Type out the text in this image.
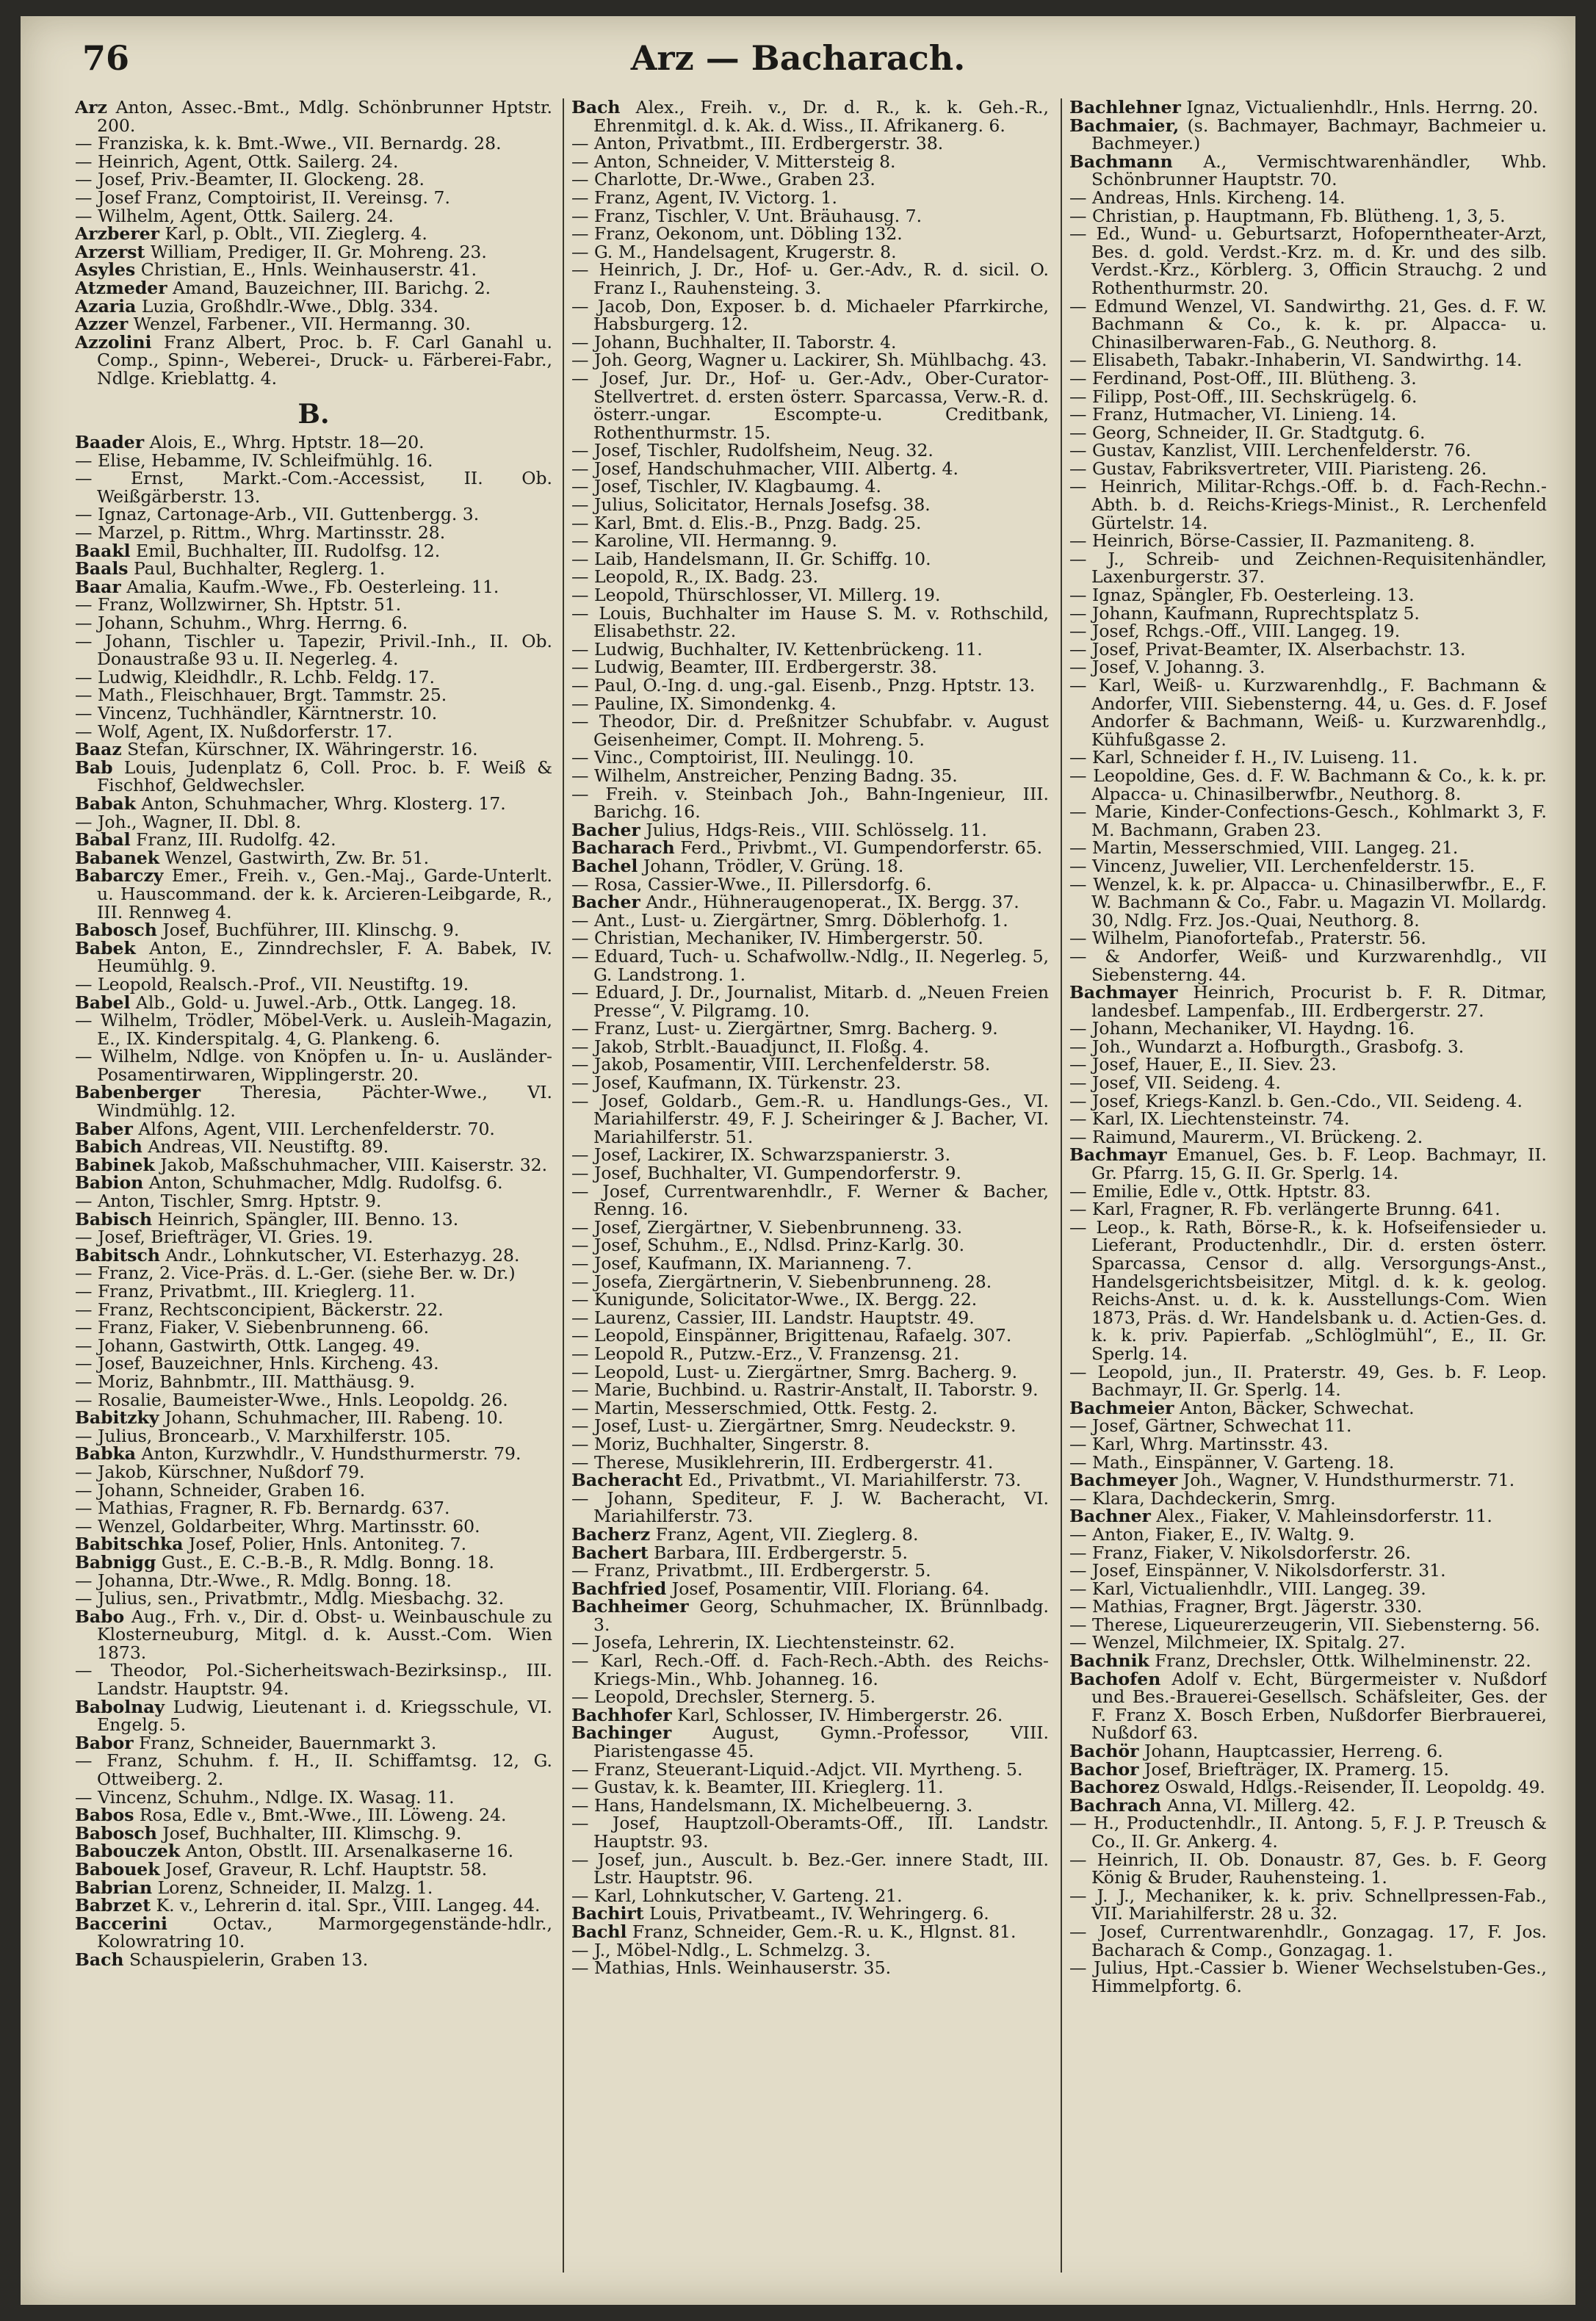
76	Arz — Bacharach.

Arz Anton, Assec.-Bmt., Mdlg. Schönbrunner Hptstr. 200.

— Franziska, k. k. Bmt.-Wwe., VII. Bernardg. 28.

— Heinrich, Agent, Ottk. Sailerg. 24.

— Josef, Priv.-Beamter, II. Glockeng. 28.

— Josef Franz, Comptoirist, II. Vereinsg. 7.

— Wilhelm, Agent, Ottk. Sailerg. 24.

Arzberer Karl, p. Oblt., VII. Zieglerg. 4.

Arzerst William, Prediger, II. Gr. Mohreng. 23.

Asyles Christian, E., Hnls. Weinhauserstr. 41.

Atzmeder Amand, Bauzeichner, III. Barichg. 2.

Azaria Luzia, Großhdlr.-Wwe., Dblg. 334.

Azzer Wenzel, Farbener., VII. Hermanng. 30.

Azzolini Franz Albert, Proc. b. F. Carl Ganahl u. Comp., Spinn-, Weberei-, Druck- u. Färberei-Fabr., Ndlge. Krieblattg. 4.

B.

Baader Alois, E., Whrg. Hptstr. 18—20.

— Elise, Hebamme, IV. Schleifmühlg. 16.

— Ernst, Markt.-Com.-Accessist, II. Ob. Weißgärberstr. 13.

— Ignaz, Cartonage-Arb., VII. Guttenbergg. 3.

— Marzel, p. Rittm., Whrg. Martinsstr. 28.

Baakl Emil, Buchhalter, III. Rudolfsg. 12.

Baals Paul, Buchhalter, Reglerg. 1.

Baar Amalia, Kaufm.-Wwe., Fb. Oesterleing. 11.

— Franz, Wollzwirner, Sh. Hptstr. 51.

— Johann, Schuhm., Whrg. Herrng. 6.

— Johann, Tischler u. Tapezir, Privil.-Inh., II. Ob. Donaustraße 93 u. II. Negerleg. 4.

— Ludwig, Kleidhdlr., R. Lchb. Feldg. 17.

— Math., Fleischhauer, Brgt. Tammstr. 25.

— Vincenz, Tuchhändler, Kärntnerstr. 10.

— Wolf, Agent, IX. Nußdorferstr. 17.

Baaz Stefan, Kürschner, IX. Währingerstr. 16.

Bab Louis, Judenplatz 6, Coll. Proc. b. F. Weiß & Fischhof, Geldwechsler.

Babak Anton, Schuhmacher, Whrg. Klosterg. 17.

— Joh., Wagner, II. Dbl. 8.

Babal Franz, III. Rudolfg. 42.

Babanek Wenzel, Gastwirth, Zw. Br. 51.

Babarczy Emer., Freih. v., Gen.-Maj., Garde-Unterlt. u. Hauscommand. der k. k. Arcieren-Leibgarde, R., III. Rennweg 4.

Babosch Josef, Buchführer, III. Klinschg. 9.

Babek Anton, E., Zinndrechsler, F. A. Babek, IV. Heumühlg. 9.

— Leopold, Realsch.-Prof., VII. Neustiftg. 19.

Babel Alb., Gold- u. Juwel.-Arb., Ottk. Langeg. 18.

— Wilhelm, Trödler, Möbel-Verk. u. Ausleih-Magazin, E., IX. Kinderspitalg. 4, G. Plankeng. 6.

— Wilhelm, Ndlge. von Knöpfen u. In- u. Ausländer-Posamentirwaren, Wipplingerstr. 20.

Babenberger Theresia, Pächter-Wwe., VI. Windmühlg. 12.

Baber Alfons, Agent, VIII. Lerchenfelderstr. 70.

Babich Andreas, VII. Neustiftg. 89.

Babinek Jakob, Maßschuhmacher, VIII. Kaiserstr. 32.

Babion Anton, Schuhmacher, Mdlg. Rudolfsg. 6.

— Anton, Tischler, Smrg. Hptstr. 9.

Babisch Heinrich, Spängler, III. Benno. 13.

— Josef, Briefträger, VI. Gries. 19.

Babitsch Andr., Lohnkutscher, VI. Esterhazyg. 28.

— Franz, 2. Vice-Präs. d. L.-Ger. (siehe Ber. w. Dr.)

— Franz, Privatbmt., III. Krieglerg. 11.

— Franz, Rechtsconcipient, Bäckerstr. 22.

— Franz, Fiaker, V. Siebenbrunneng. 66.

— Johann, Gastwirth, Ottk. Langeg. 49.

— Josef, Bauzeichner, Hnls. Kircheng. 43.

— Moriz, Bahnbmtr., III. Matthäusg. 9.

— Rosalie, Baumeister-Wwe., Hnls. Leopoldg. 26.

Babitzky Johann, Schuhmacher, III. Rabeng. 10.

— Julius, Broncearb., V. Marxhilferstr. 105.

Babka Anton, Kurzwhdlr., V. Hundsthurmerstr. 79.

— Jakob, Kürschner, Nußdorf 79.

— Johann, Schneider, Graben 16.

— Mathias, Fragner, R. Fb. Bernardg. 637.

— Wenzel, Goldarbeiter, Whrg. Martinsstr. 60.

Babitschka Josef, Polier, Hnls. Antoniteg. 7.

Babnigg Gust., E. C.-B.-B., R. Mdlg. Bonng. 18.

— Johanna, Dtr.-Wwe., R. Mdlg. Bonng. 18.

— Julius, sen., Privatbmtr., Mdlg. Miesbachg. 32.

Babo Aug., Frh. v., Dir. d. Obst- u. Weinbauschule zu Klosterneuburg, Mitgl. d. k. Ausst.-Com. Wien 1873.

— Theodor, Pol.-Sicherheitswach-Bezirksinsp., III. Landstr. Hauptstr. 94.

Babolnay Ludwig, Lieutenant i. d. Kriegsschule, VI. Engelg. 5.

Babor Franz, Schneider, Bauernmarkt 3.

— Franz, Schuhm. f. H., II. Schiffamtsg. 12, G. Ottweiberg. 2.

— Vincenz, Schuhm., Ndlge. IX. Wasag. 11.

Babos Rosa, Edle v., Bmt.-Wwe., III. Löweng. 24.

Babosch Josef, Buchhalter, III. Klimschg. 9.

Babouczek Anton, Obstlt. III. Arsenalkaserne 16.

Babouek Josef, Graveur, R. Lchf. Hauptstr. 58.

Babrian Lorenz, Schneider, II. Malzg. 1.

Babrzet K. v., Lehrerin d. ital. Spr., VIII. Langeg. 44.

Baccerini	Octav., Marmorgegenstände-hdlr., Kolowratring 10.

Bach Schauspielerin, Graben 13.

Bach Alex., Freih. v., Dr. d. R., k. k. Geh.-R., Ehrenmitgl. d. k. Ak. d. Wiss., II. Afrikanerg. 6.

— Anton, Privatbmt., III. Erdbergerstr. 38.

— Anton, Schneider, V. Mittersteig 8.

— Charlotte, Dr.-Wwe., Graben 23.

— Franz, Agent, IV. Victorg. 1.

— Franz, Tischler, V. Unt. Bräuhausg. 7.

— Franz, Oekonom, unt. Döbling 132.

— G. M., Handelsagent, Krugerstr. 8.

— Heinrich, J. Dr., Hof- u. Ger.-Adv., R. d. sicil. O. Franz I., Rauhensteing. 3.

— Jacob, Don, Exposer. b. d. Michaeler Pfarrkirche, Habsburgerg. 12.

— Johann, Buchhalter, II. Taborstr. 4.

— Joh. Georg, Wagner u. Lackirer, Sh. Mühlbachg. 43.

— Josef, Jur. Dr., Hof- u. Ger.-Adv., Ober-Curator-Stellvertret. d. ersten österr. Sparcassa, Verw.-R. d. österr.-ungar. Escompte-u. Creditbank, Rothenthurmstr. 15.

— Josef, Tischler, Rudolfsheim, Neug. 32.

— Josef, Handschuhmacher, VIII. Albertg. 4.

— Josef, Tischler, IV. Klagbaumg. 4.

— Julius, Solicitator, Hernals Josefsg. 38.

— Karl, Bmt. d. Elis.-B., Pnzg. Badg. 25.

— Karoline, VII. Hermanng. 9.

— Laib, Handelsmann, II. Gr. Schiffg. 10.

— Leopold, R., IX. Badg. 23.

— Leopold, Thürschlosser, VI. Millerg. 19.

— Louis, Buchhalter im Hause S. M. v. Rothschild, Elisabethstr. 22.

— Ludwig, Buchhalter, IV. Kettenbrückeng. 11.

— Ludwig, Beamter, III. Erdbergerstr. 38.

— Paul, O.-Ing. d. ung.-gal. Eisenb., Pnzg. Hptstr. 13.

— Pauline, IX. Simondenkg. 4.

— Theodor, Dir. d. Preßnitzer Schubfabr. v. August Geisenheimer, Compt. II. Mohreng. 5.

— Vinc., Comptoirist, III. Neulingg. 10.

— Wilhelm, Anstreicher, Penzing Badng. 35.

— Freih. v. Steinbach Joh., Bahn-Ingenieur, III. Barichg. 16.

Bacher Julius, Hdgs-Reis., VIII. Schlösselg. 11.

Bacharach Ferd., Privbmt., VI. Gumpendorferstr. 65.

Bachel Johann, Trödler, V. Grüng. 18.

— Rosa, Cassier-Wwe., II. Pillersdorfg. 6.

Bacher Andr., Hühneraugenoperat., IX. Bergg. 37.

— Ant., Lust- u. Ziergärtner, Smrg. Döblerhofg. 1.

— Christian, Mechaniker, IV. Himbergerstr. 50.

— Eduard, Tuch- u. Schafwollw.-Ndlg., II. Negerleg. 5, G. Landstrong. 1.

— Eduard, J. Dr., Journalist, Mitarb. d. „Neuen Freien Presse“, V. Pilgramg. 10.

— Franz, Lust- u. Ziergärtner, Smrg. Bacherg. 9.

— Jakob, Strblt.-Bauadjunct, II. Floßg. 4.

— Jakob, Posamentir, VIII. Lerchenfelderstr. 58.

— Josef, Kaufmann, IX. Türkenstr. 23.

— Josef, Goldarb., Gem.-R. u. Handlungs-Ges., VI. Mariahilferstr. 49, F. J. Scheiringer & J. Bacher, VI. Mariahilferstr. 51.

— Josef, Lackirer, IX. Schwarzspanierstr. 3.

— Josef, Buchhalter, VI. Gumpendorferstr. 9.

— Josef, Currentwarenhdlr., F. Werner & Bacher, Renng. 16.

— Josef, Ziergärtner, V. Siebenbrunneng. 33.

— Josef, Schuhm., E., Ndlsd. Prinz-Karlg. 30.

— Josef, Kaufmann, IX. Marianneng. 7.

— Josefa, Ziergärtnerin, V. Siebenbrunneng. 28.

— Kunigunde, Solicitator-Wwe., IX. Bergg. 22.

— Laurenz, Cassier, III. Landstr. Hauptstr. 49.

— Leopold, Einspänner, Brigittenau, Rafaelg. 307.

— Leopold R., Putzw.-Erz., V. Franzensg. 21.

— Leopold, Lust- u. Ziergärtner, Smrg. Bacherg. 9.

— Marie, Buchbind. u. Rastrir-Anstalt, II. Taborstr. 9.

— Martin, Messerschmied, Ottk. Festg. 2.

— Josef, Lust- u. Ziergärtner, Smrg. Neudeckstr. 9.

— Moriz, Buchhalter, Singerstr. 8.

— Therese, Musiklehrerin, III. Erdbergerstr. 41.

Bacheracht Ed., Privatbmt., VI. Mariahilferstr. 73.

— Johann, Spediteur, F. J. W. Bacheracht, VI. Mariahilferstr. 73.

Bacherz Franz, Agent, VII. Zieglerg. 8.

Bachert Barbara, III. Erdbergerstr. 5.

— Franz, Privatbmt., III. Erdbergerstr. 5.

Bachfried Josef, Posamentir, VIII. Floriang. 64.

Bachheimer Georg, Schuhmacher, IX. Brünnlbadg. 3.

— Josefa, Lehrerin, IX. Liechtensteinstr. 62.

— Karl, Rech.-Off. d. Fach-Rech.-Abth. des Reichs-Kriegs-Min., Whb. Johanneg. 16.

— Leopold, Drechsler, Sternerg. 5.

Bachhofer Karl, Schlosser, IV. Himbergerstr. 26.

Bachinger August, Gymn.-Professor, VIII. Piaristengasse 45.

— Franz, Steuerant-Liquid.-Adjct. VII. Myrtheng. 5.

— Gustav, k. k. Beamter, III. Krieglerg. 11.

— Hans, Handelsmann, IX. Michelbeuerng. 3.

— Josef, Hauptzoll-Oberamts-Off., III. Landstr. Hauptstr. 93.

— Josef, jun., Auscult. b. Bez.-Ger. innere Stadt, III. Lstr. Hauptstr. 96.

— Karl, Lohnkutscher, V. Garteng. 21.

Bachirt Louis, Privatbeamt., IV. Wehringerg. 6.

Bachl Franz, Schneider, Gem.-R. u. K., Hlgnst. 81.

— J., Möbel-Ndlg., L. Schmelzg. 3.

— Mathias, Hnls. Weinhauserstr. 35.

Bachlehner Ignaz, Victualienhdlr., Hnls. Herrng. 20.

Bachmaier, (s. Bachmayer, Bachmayr, Bachmeier u. Bachmeyer.)

Bachmann A., Vermischtwarenhändler, Whb. Schönbrunner Hauptstr. 70.

— Andreas, Hnls. Kircheng. 14.

— Christian, p. Hauptmann, Fb. Blütheng. 1, 3, 5.

— Ed., Wund- u. Geburtsarzt, Hofoperntheater-Arzt, Bes. d. gold. Verdst.-Krz. m. d. Kr. und des silb. Verdst.-Krz., Körblerg. 3, Officin Strauchg. 2 und Rothenthurmstr. 20.

— Edmund Wenzel, VI. Sandwirthg. 21, Ges. d. F. W. Bachmann & Co., k. k. pr. Alpacca- u. Chinasilberwaren-Fab., G. Neuthorg. 8.

— Elisabeth, Tabakr.-Inhaberin, VI. Sandwirthg. 14.

— Ferdinand, Post-Off., III. Blütheng. 3.

— Filipp, Post-Off., III. Sechskrügelg. 6.

— Franz, Hutmacher, VI. Linieng. 14.

— Georg, Schneider, II. Gr. Stadtgutg. 6.

— Gustav, Kanzlist, VIII. Lerchenfelderstr. 76.

— Gustav, Fabriksvertreter, VIII. Piaristeng. 26.

— Heinrich, Militar-Rchgs.-Off. b. d. Fach-Rechn.-Abth. b. d. Reichs-Kriegs-Minist., R. Lerchenfeld Gürtelstr. 14.

— Heinrich, Börse-Cassier, II. Pazmaniteng. 8.

— J., Schreib- und Zeichnen-Requisitenhändler, Laxenburgerstr. 37.

— Ignaz, Spängler, Fb. Oesterleing. 13.

— Johann, Kaufmann, Ruprechtsplatz 5.

— Josef, Rchgs.-Off., VIII. Langeg. 19.

— Josef, Privat-Beamter, IX. Alserbachstr. 13.

— Josef, V. Johanng. 3.

— Karl, Weiß- u. Kurzwarenhdlg., F. Bachmann & Andorfer, VIII. Siebensterng. 44, u. Ges. d. F. Josef Andorfer & Bachmann, Weiß- u. Kurzwarenhdlg., Kühfußgasse 2.

— Karl, Schneider f. H., IV. Luiseng. 11.

— Leopoldine, Ges. d. F. W. Bachmann & Co., k. k. pr. Alpacca- u. Chinasilberwfbr., Neuthorg. 8.

— Marie, Kinder-Confections-Gesch., Kohlmarkt 3, F. M. Bachmann, Graben 23.

— Martin, Messerschmied, VIII. Langeg. 21.

— Vincenz, Juwelier, VII. Lerchenfelderstr. 15.

— Wenzel, k. k. pr. Alpacca- u. Chinasilberwfbr., E., F. W. Bachmann & Co., Fabr. u. Magazin VI. Mollardg. 30, Ndlg. Frz. Jos.-Quai, Neuthorg. 8.

— Wilhelm, Pianofortefab., Praterstr. 56.

— & Andorfer, Weiß- und Kurzwarenhdlg., VII Siebensterng. 44.

Bachmayer Heinrich, Procurist b. F. R. Ditmar, landesbef. Lampenfab., III. Erdbergerstr. 27.

— Johann, Mechaniker, VI. Haydng. 16.

— Joh., Wundarzt a. Hofburgth., Grasbofg. 3.

— Josef, Hauer, E., II. Siev. 23.

— Josef, VII. Seideng. 4.

— Josef, Kriegs-Kanzl. b. Gen.-Cdo., VII. Seideng. 4.

— Karl, IX. Liechtensteinstr. 74.

— Raimund, Maurerm., VI. Brückeng. 2.

Bachmayr Emanuel, Ges. b. F. Leop. Bachmayr, II. Gr. Pfarrg. 15, G. II. Gr. Sperlg. 14.

— Emilie, Edle v., Ottk. Hptstr. 83.

— Karl, Fragner, R. Fb. verlängerte Brunng. 641.

— Leop., k. Rath, Börse-R., k. k. Hofseifensieder u. Lieferant, Productenhdlr., Dir. d. ersten österr. Sparcassa, Censor d. allg. Versorgungs-Anst., Handelsgerichtsbeisitzer, Mitgl. d. k. k. geolog. Reichs-Anst. u. d. k. k. Ausstellungs-Com. Wien 1873, Präs. d. Wr. Handelsbank u. d. Actien-Ges. d. k. k. priv. Papierfab. „Schlöglmühl“, E., II. Gr. Sperlg. 14.

— Leopold, jun., II. Praterstr. 49, Ges. b. F. Leop. Bachmayr, II. Gr. Sperlg. 14.

Bachmeier Anton, Bäcker, Schwechat.

— Josef, Gärtner, Schwechat 11.

— Karl, Whrg. Martinsstr. 43.

— Math., Einspänner, V. Garteng. 18.

Bachmeyer Joh., Wagner, V. Hundsthurmerstr. 71.

— Klara, Dachdeckerin, Smrg.

Bachner Alex., Fiaker, V. Mahleinsdorferstr. 11.

— Anton, Fiaker, E., IV. Waltg. 9.

— Franz, Fiaker, V. Nikolsdorferstr. 26.

— Josef, Einspänner, V. Nikolsdorferstr. 31.

— Karl, Victualienhdlr., VIII. Langeg. 39.

— Mathias, Fragner, Brgt. Jägerstr. 330.

— Therese, Liqueurerzeugerin, VII. Siebensterng. 56.

— Wenzel, Milchmeier, IX. Spitalg. 27.

Bachnik Franz, Drechsler, Ottk. Wilhelminenstr. 22.

Bachofen Adolf v. Echt, Bürgermeister v. Nußdorf und Bes.-Brauerei-Gesellsch. Schäfsleiter, Ges. der F. Franz X. Bosch Erben, Nußdorfer Bierbrauerei, Nußdorf 63.

Bachör Johann, Hauptcassier, Herreng. 6.

Bachor Josef, Briefträger, IX. Pramerg. 15.

Bachorez Oswald, Hdlgs.-Reisender, II. Leopoldg. 49.

Bachrach Anna, VI. Millerg. 42.

— H., Productenhdlr., II. Antong. 5, F. J. P. Treusch & Co., II. Gr. Ankerg. 4.

— Heinrich, II. Ob. Donaustr. 87, Ges. b. F. Georg König & Bruder, Rauhensteing. 1.

— J. J., Mechaniker, k. k. priv. Schnellpressen-Fab., VII. Mariahilferstr. 28 u. 32.

— Josef, Currentwarenhdlr., Gonzagag. 17, F. Jos. Bacharach & Comp., Gonzagag. 1.

— Julius, Hpt.-Cassier b. Wiener Wechselstuben-Ges., Himmelpfortg. 6.
